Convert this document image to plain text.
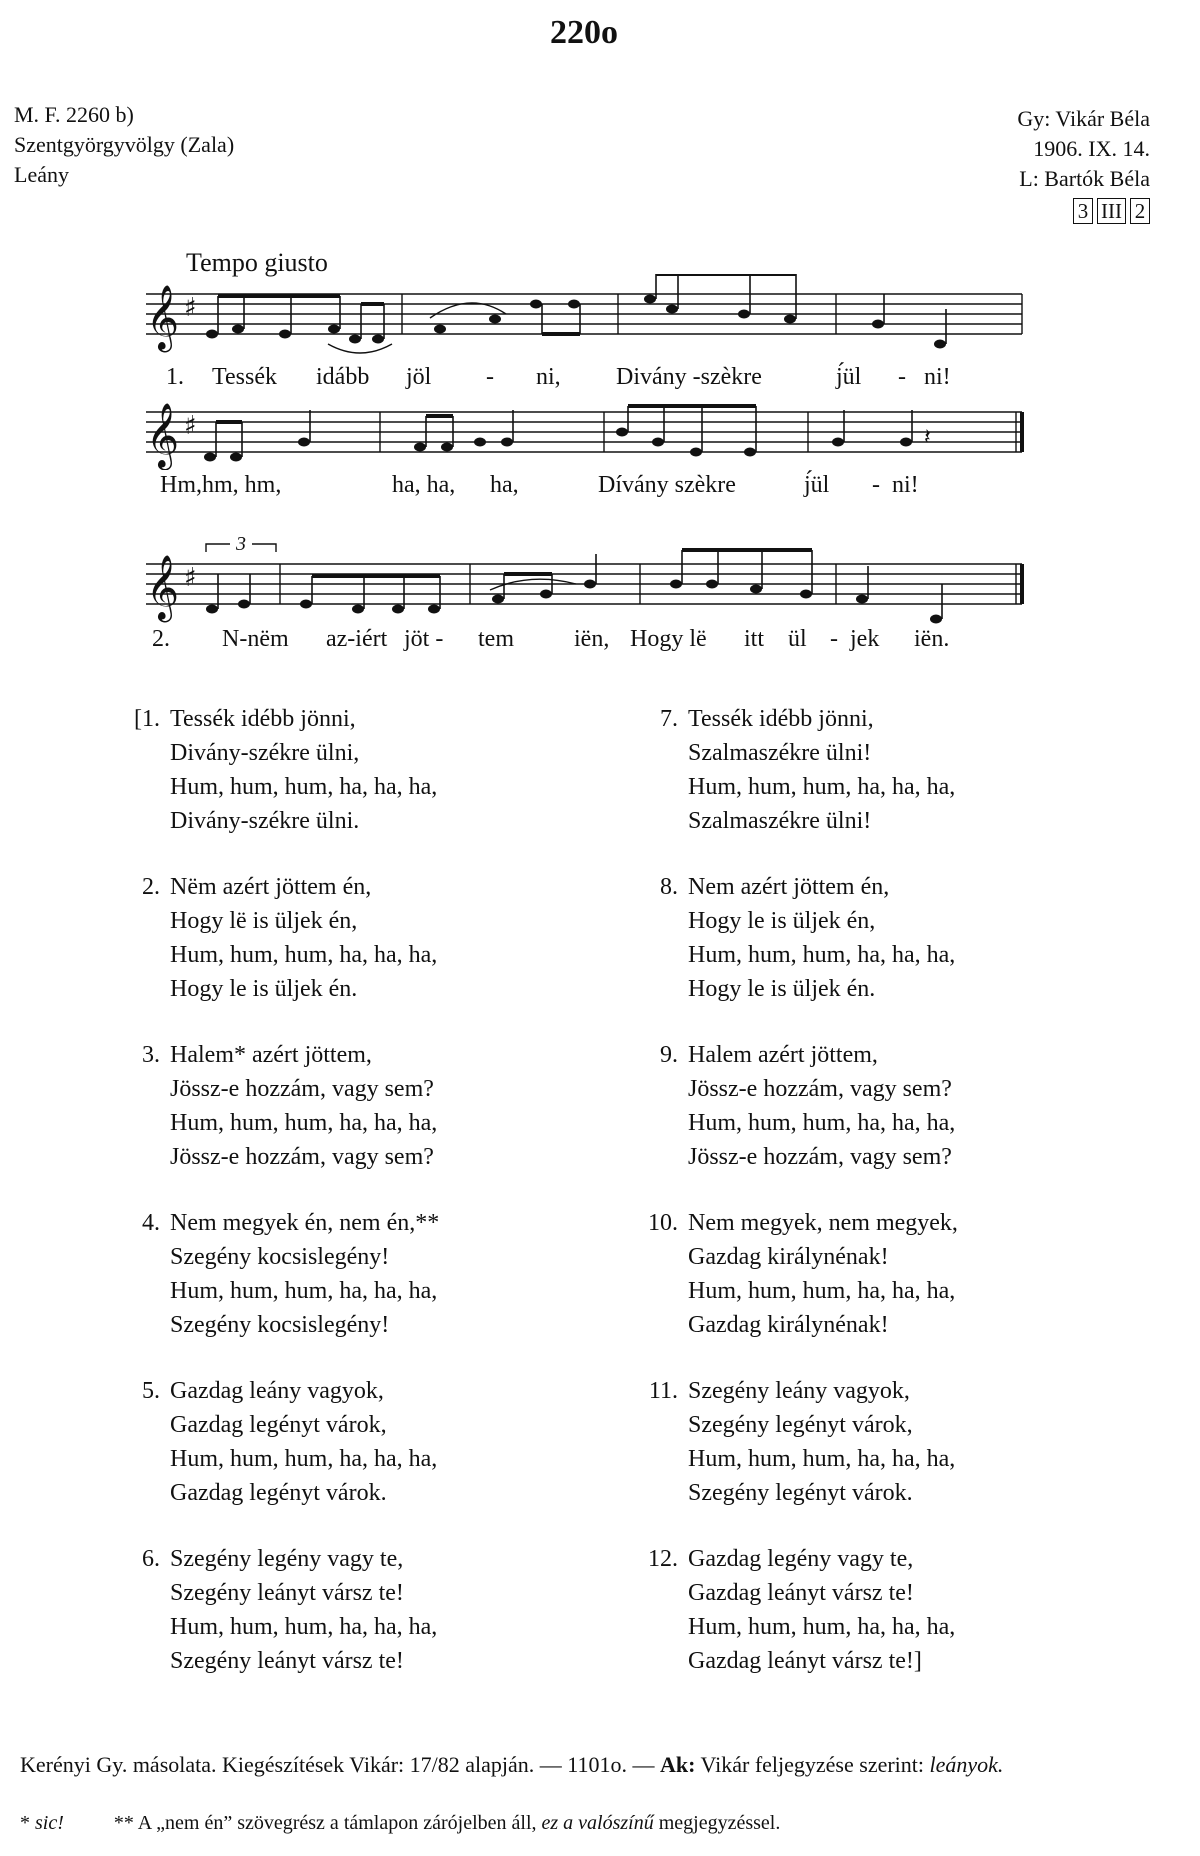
220o
M. F. 2260 b)
Szentgyörgyvölgy (Zala)
Leány
Gy: Vikár Béla
1906. IX. 14.
L: Bartók Béla
3 III 2
Tempo giusto
𝄞 ♯
1. Tessék idább jöl - ni, Divány -szèkre	j́ül - ni!
𝄞 ♯	𝄽
Hm,hm, hm,	ha, ha, ha,	Dívány szèkre	j́ül - ni!
3
𝄞 ♯
2. N-nëm az-iért jöt - tem	iën, Hogy lë itt ül - jek iën.
[1. Tessék idébb jönni,
Divány-székre ülni,
Hum, hum, hum, ha, ha, ha,
Divány-székre ülni.
2. Nëm azért jöttem én,
Hogy lë is üljek én,
Hum, hum, hum, ha, ha, ha,
Hogy le is üljek én.
3. Halem* azért jöttem,
Jössz-e hozzám, vagy sem?
Hum, hum, hum, ha, ha, ha,
Jössz-e hozzám, vagy sem?
4. Nem megyek én, nem én,**
Szegény kocsislegény!
Hum, hum, hum, ha, ha, ha,
Szegény kocsislegény!
5. Gazdag leány vagyok,
Gazdag legényt várok,
Hum, hum, hum, ha, ha, ha,
Gazdag legényt várok.
6. Szegény legény vagy te,
Szegény leányt vársz te!
Hum, hum, hum, ha, ha, ha,
Szegény leányt vársz te!
7. Tessék idébb jönni,
Szalmaszékre ülni!
Hum, hum, hum, ha, ha, ha,
Szalmaszékre ülni!
8. Nem azért jöttem én,
Hogy le is üljek én,
Hum, hum, hum, ha, ha, ha,
Hogy le is üljek én.
9. Halem azért jöttem,
Jössz-e hozzám, vagy sem?
Hum, hum, hum, ha, ha, ha,
Jössz-e hozzám, vagy sem?
10. Nem megyek, nem megyek,
Gazdag királynénak!
Hum, hum, hum, ha, ha, ha,
Gazdag királynénak!
11. Szegény leány vagyok,
Szegény legényt várok,
Hum, hum, hum, ha, ha, ha,
Szegény legényt várok.
12. Gazdag legény vagy te,
Gazdag leányt vársz te!
Hum, hum, hum, ha, ha, ha,
Gazdag leányt vársz te!]
Kerényi Gy. másolata. Kiegészítések Vikár: 17/82 alapján. — 1101o. — Ak: Vikár feljegyzése szerint: leányok.
* sic!	** A „nem én” szövegrész a támlapon zárójelben áll, ez a valószínű megjegyzéssel.
